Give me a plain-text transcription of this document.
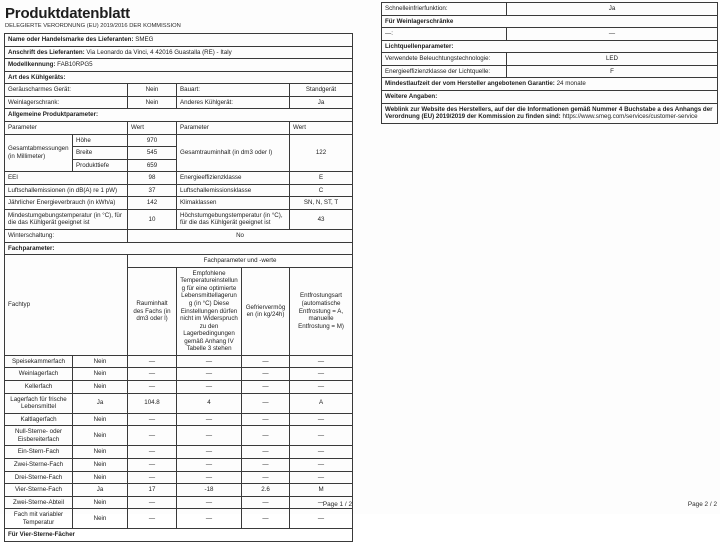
Produktdatenblatt
DELEGIERTE VERORDNUNG (EU) 2019/2016 DER KOMMISSION
Name oder Handelsmarke des Lieferanten: SMEG					
Anschrift des Lieferanten: Via Leonardo da Vinci, 4 42016 Guastalla (RE) - Italy					
Modellkennung: FAB10RPG5					
Art des Kühlgeräts:					
Geräuscharmes Gerät:		Nein	Bauart:		Standgerät
Weinlagerschrank:		Nein	Anderes Kühlgerät:		Ja
Allgemeine Produktparameter:					
Parameter		Wert	Parameter		Wert
Gesamtabmessungen (in Millimeter)	Höhe	970	Gesamtrauminhalt (in dm3 oder l)		122
	Breite	545			
	Produkttiefe	659			
EEI		98	Energieeffizienzklasse		E
Luftschallemissionen (in dB(A) re 1 pW)		37	Luftschallemissionsklasse		C
Jährlicher Energieverbrauch (in kWh/a)		142	Klimaklassen		SN, N, ST, T
Mindestumgebungstemperatur (in °C), für die das Kühlgerät geeignet ist		10	Höchstumgebungstemperatur (in °C), für die das Kühlgerät geeignet ist		43
Winterschaltung:		No			
Fachparameter:					
Fachtyp		Fachparameter und -werte			
		Rauminhalt des Fachs (in dm3 oder l)	Empfohlene Temperatureinstellung für eine optimierte Lebensmittellagerung (in °C) Diese Einstellungen dürfen nicht im Widerspruch zu den Lagerbedingungen gemäß Anhang IV Tabelle 3 stehen	Gefriervermögen (in kg/24h)	Entfrostungsart (automatische Entfrostung = A, manuelle Entfrostung = M)
Speisekammerfach	Nein	—	—	—	—
Weinlagerfach	Nein	—	—	—	—
Kellerfach	Nein	—	—	—	—
Lagerfach für frische Lebensmittel	Ja	104.8	4	—	A
Kaltlagerfach	Nein	—	—	—	—
Null-Sterne- oder Eisbereiterfach	Nein	—	—	—	—
Ein-Stern-Fach	Nein	—	—	—	—
Zwei-Sterne-Fach	Nein	—	—	—	—
Drei-Sterne-Fach	Nein	—	—	—	—
Vier-Sterne-Fach	Ja	17	-18	2.6	M
Zwei-Sterne-Abteil	Nein	—	—	—	—
Fach mit variabler Temperatur	Nein	—	—	—	—
Für Vier-Sterne-Fächer					
Page 1 / 2
Schnelleinfrierfunktion:	Ja
Für Weinlagerschränke	
—:	—
Lichtquellenparameter:	
Verwendete Beleuchtungstechnologie:	LED
Energieeffizienzklasse der Lichtquelle:	F
Mindestlaufzeit der vom Hersteller angebotenen Garantie: 24 monate	
Weitere Angaben:	
Weblink zur Website des Herstellers, auf der die Informationen gemäß Nummer 4 Buchstabe a des Anhangs der Verordnung (EU) 2019/2019 der Kommission zu finden sind: https://www.smeg.com/services/customer-service	
Page 2 / 2
